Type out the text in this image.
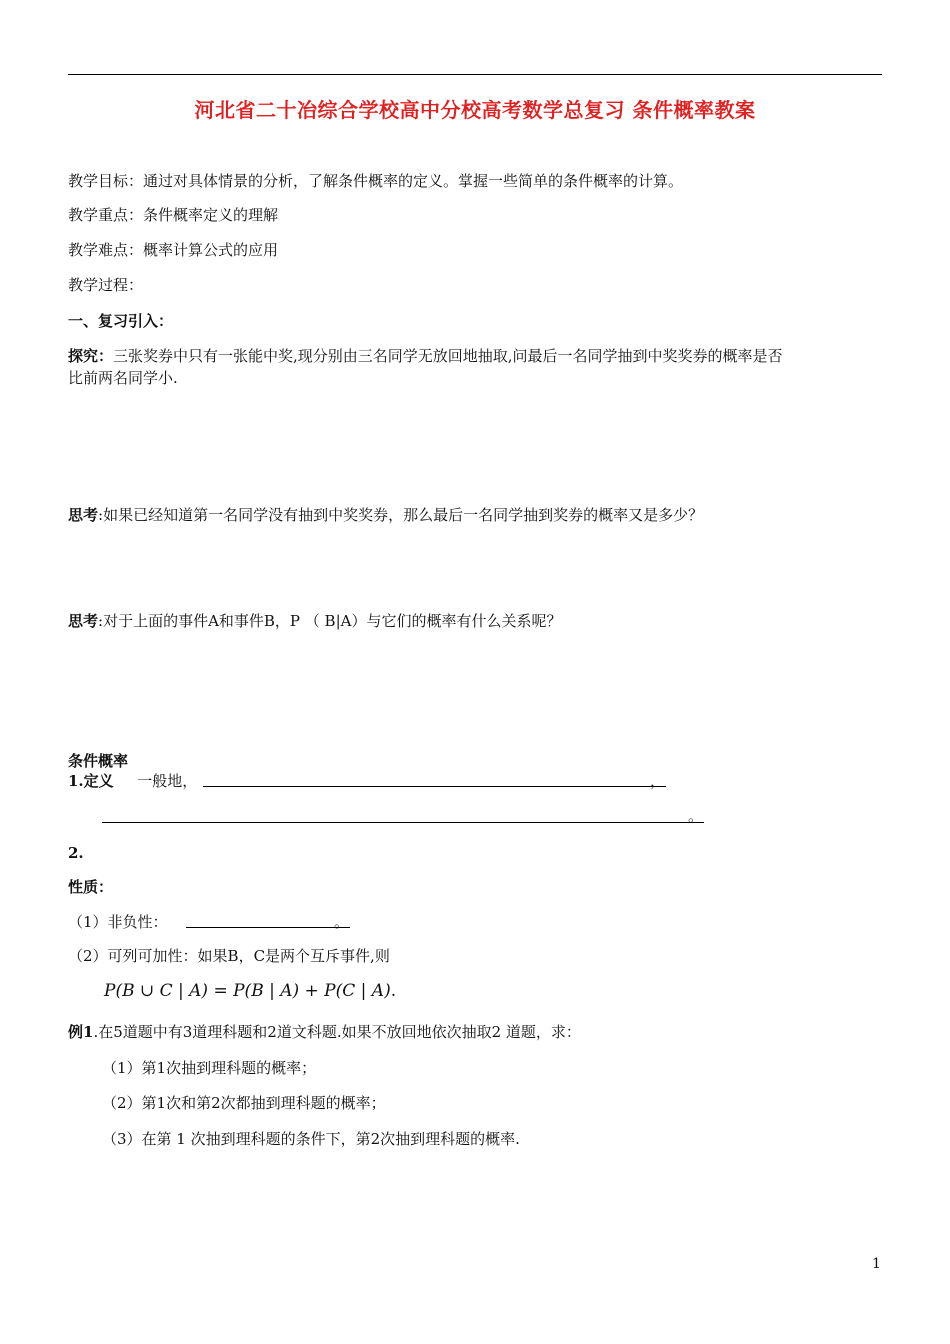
河北省二十冶综合学校高中分校高考数学总复习 条件概率教案
教学目标：通过对具体情景的分析，了解条件概率的定义。掌握一些简单的条件概率的计算。
教学重点：条件概率定义的理解
教学难点：概率计算公式的应用
教学过程：
一、复习引入：
探究：三张奖券中只有一张能中奖,现分别由三名同学无放回地抽取,问最后一名同学抽到中奖奖券的概率是否
比前两名同学小.
思考:如果已经知道第一名同学没有抽到中奖奖券，那么最后一名同学抽到奖券的概率又是多少？
思考:对于上面的事件A和事件B，P （ B|A）与它们的概率有什么关系呢？
条件概率
1.定义 一般地，	，
。
2.
性质：
（1）非负性：	。
（2）可列可加性：如果B，C是两个互斥事件,则
P(B ∪ C | A) = P(B | A) + P(C | A).
例1.在5道题中有3道理科题和2道文科题.如果不放回地依次抽取2 道题，求：
（1）第1次抽到理科题的概率；
（2）第1次和第2次都抽到理科题的概率；
（3）在第 1 次抽到理科题的条件下，第2次抽到理科题的概率.
1
